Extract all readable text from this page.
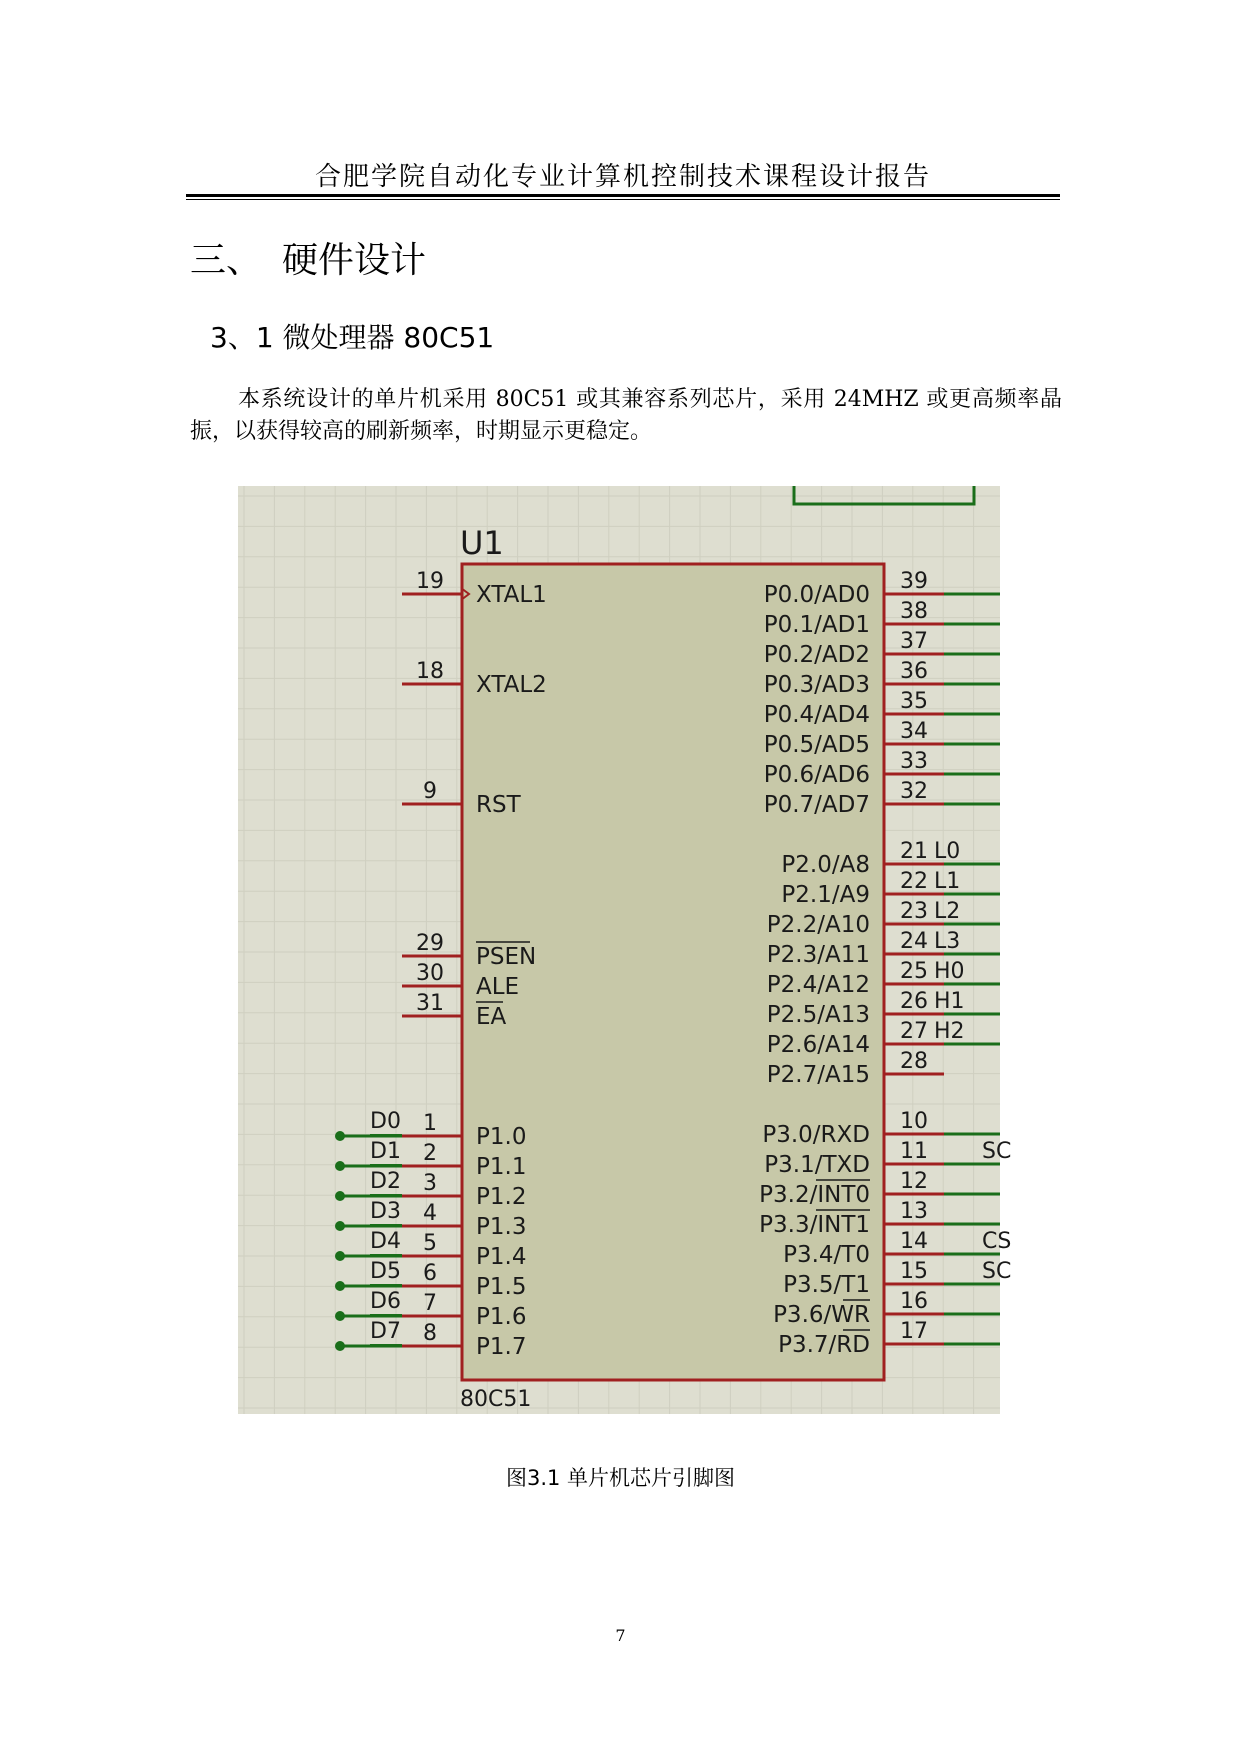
合肥学院自动化专业计算机控制技术课程设计报告
三、 硬件设计
3、1 微处理器 80C51
本系统设计的单片机采用 80C51 或其兼容系列芯片，采用 24MHZ 或更高频率晶振，以获得较高的刷新频率，时期显示更稳定。
U1
80C51
19
XTAL1
18
XTAL2
9
RST
29
PSEN
30
ALE
31
EA
1
P1.0
D0
2
P1.1
D1
3
P1.2
D2
4
P1.3
D3
5
P1.4
D4
6
P1.5
D5
7
P1.6
D6
8
P1.7
D7
39
P0.0/AD0
38
P0.1/AD1
37
P0.2/AD2
36
P0.3/AD3
35
P0.4/AD4
34
P0.5/AD5
33
P0.6/AD6
32
P0.7/AD7
21
P2.0/A8
L0
22
P2.1/A9
L1
23
P2.2/A10
L2
24
P2.3/A11
L3
25
P2.4/A12
H0
26
P2.5/A13
H1
27
P2.6/A14
H2
28
P2.7/A15
10
P3.0/RXD
11
P3.1/TXD
SC
12
P3.2/INT0
13
P3.3/INT1
14
P3.4/T0
CS
15
P3.5/T1
SC
16
P3.6/WR
17
P3.7/RD
图3.1 单片机芯片引脚图
7
